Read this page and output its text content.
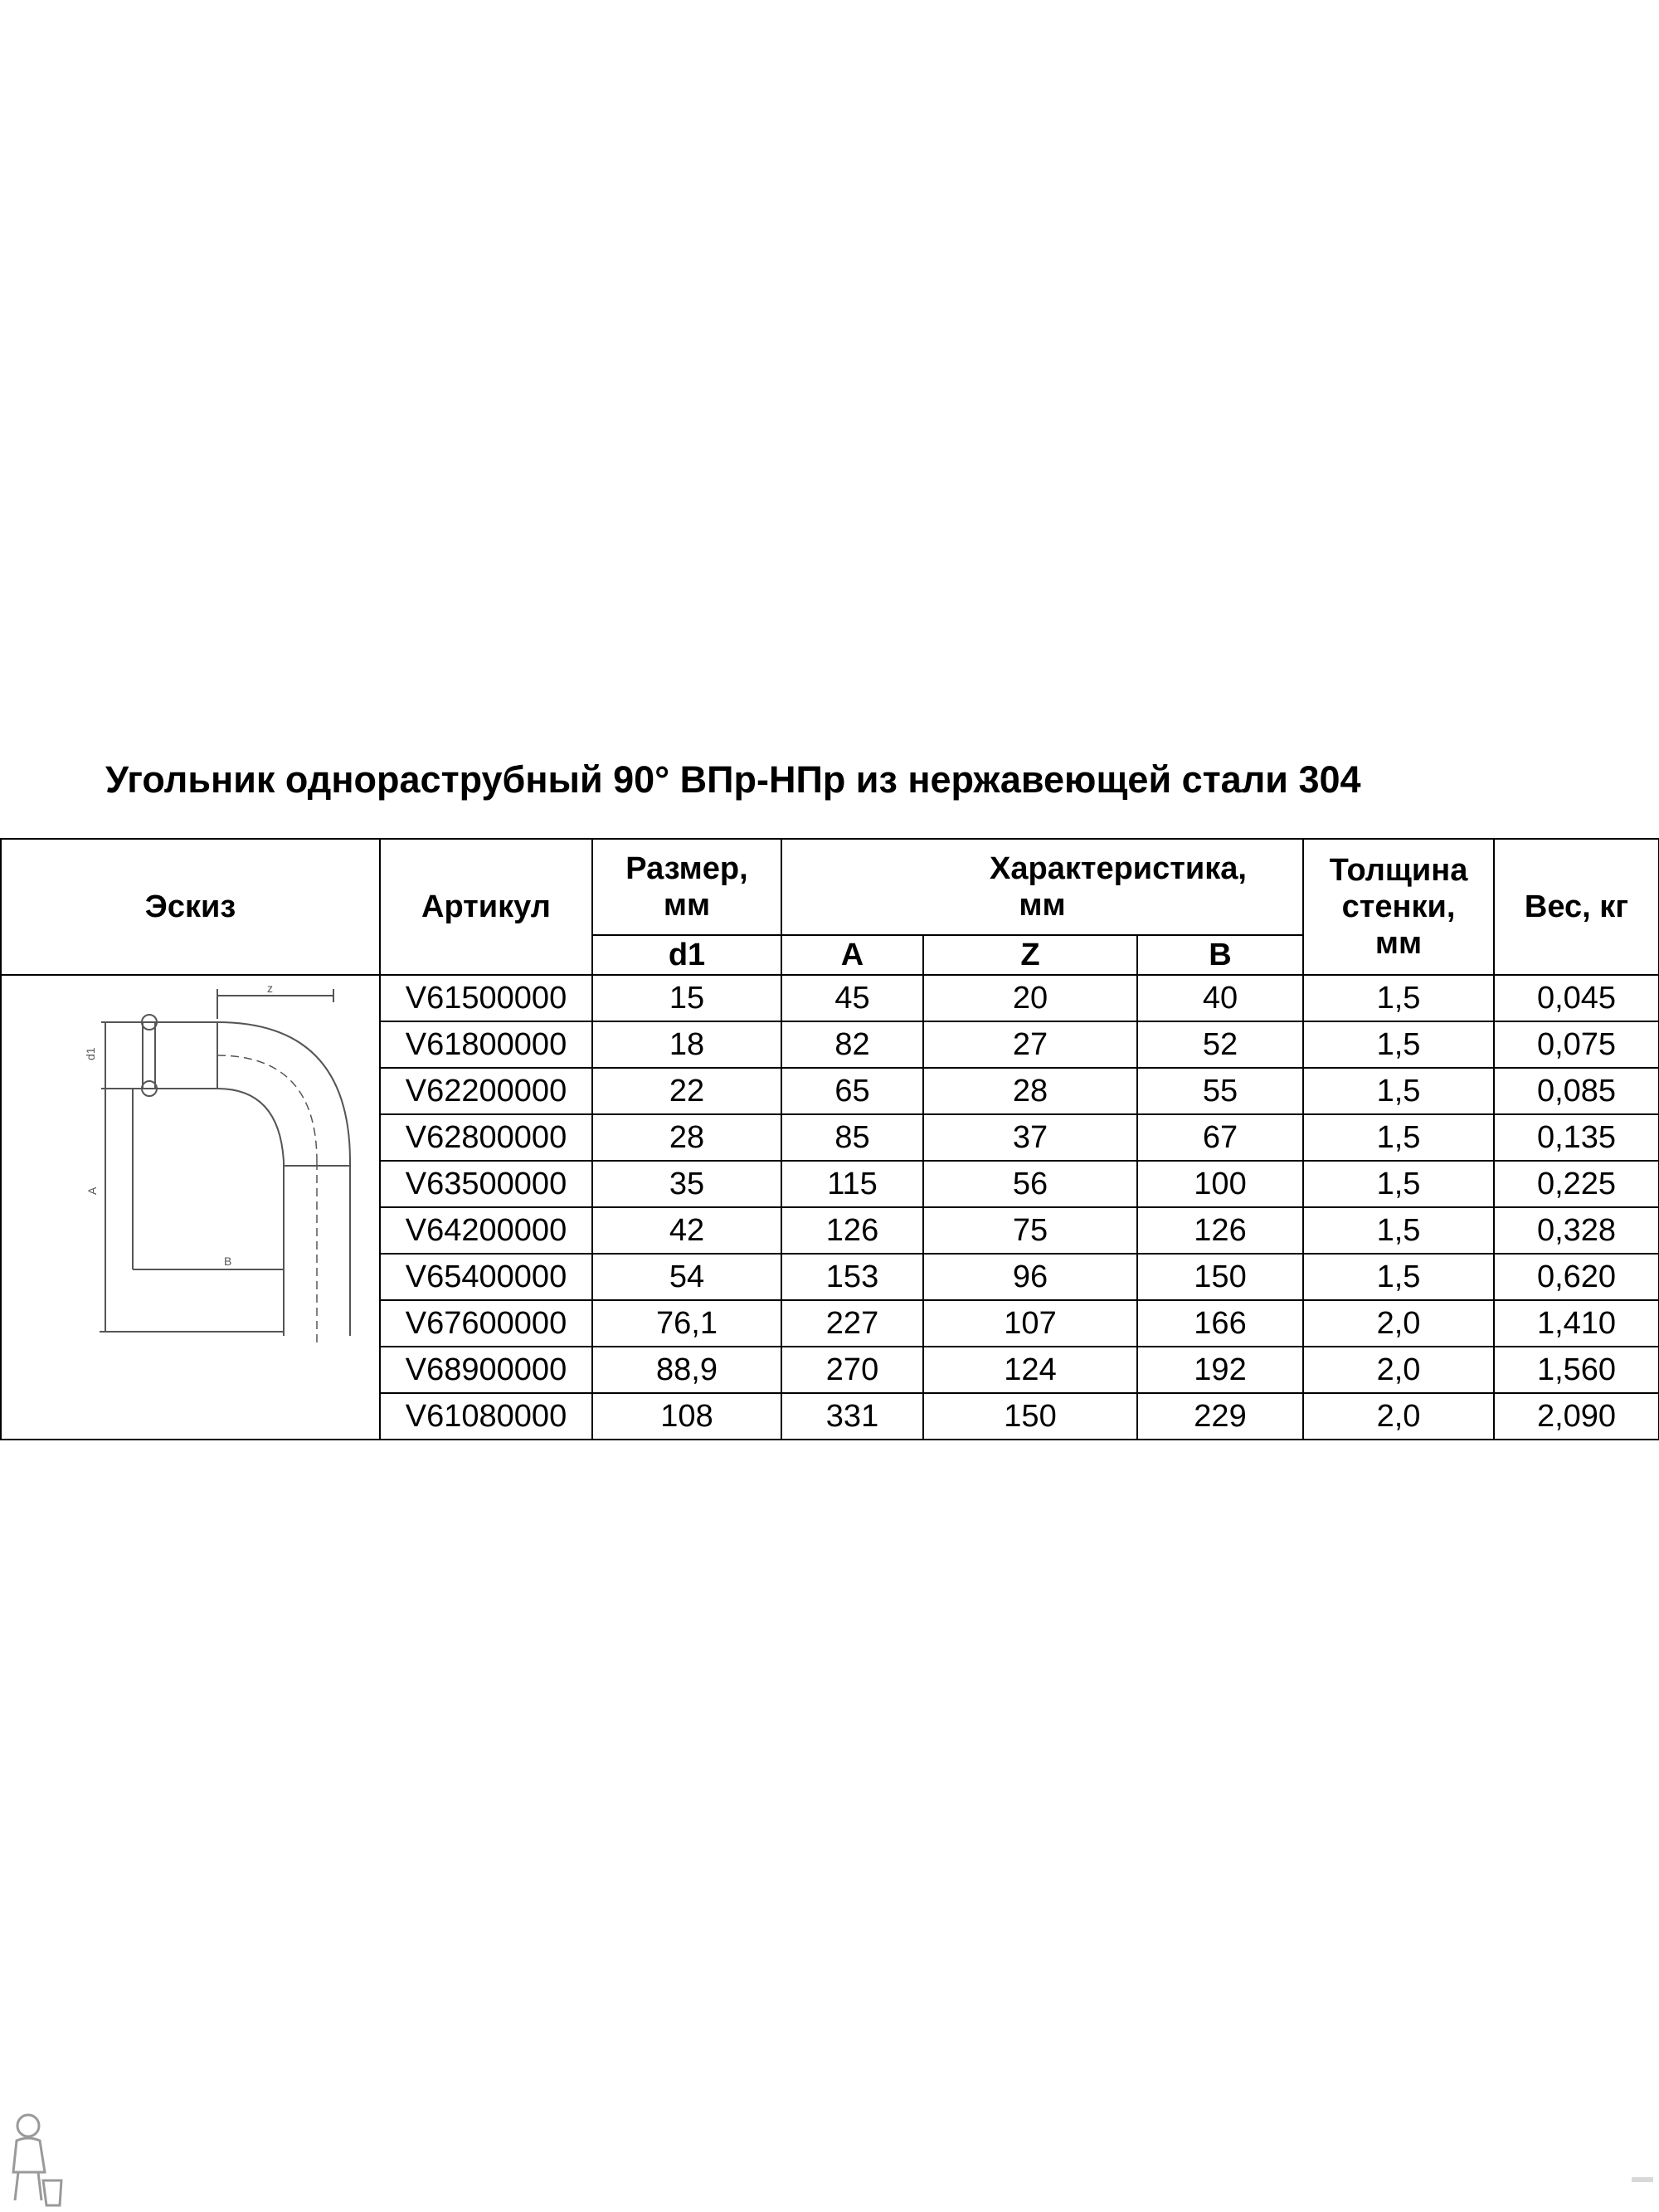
Угольник однораструбный 90° ВПр-НПр из нержавеющей стали 304
Эскиз	Артикул	Размер, мм	Характеристика, мм			Толщина стенки, мм	Вес, кг
		d1	A	Z	B		

z
d1
A
B	V61500000	15	45	20	40	1,5	0,045
	V61800000	18	82	27	52	1,5	0,075
	V62200000	22	65	28	55	1,5	0,085
	V62800000	28	85	37	67	1,5	0,135
	V63500000	35	115	56	100	1,5	0,225
	V64200000	42	126	75	126	1,5	0,328
	V65400000	54	153	96	150	1,5	0,620
	V67600000	76,1	227	107	166	2,0	1,410
	V68900000	88,9	270	124	192	2,0	1,560
	V61080000	108	331	150	229	2,0	2,090
